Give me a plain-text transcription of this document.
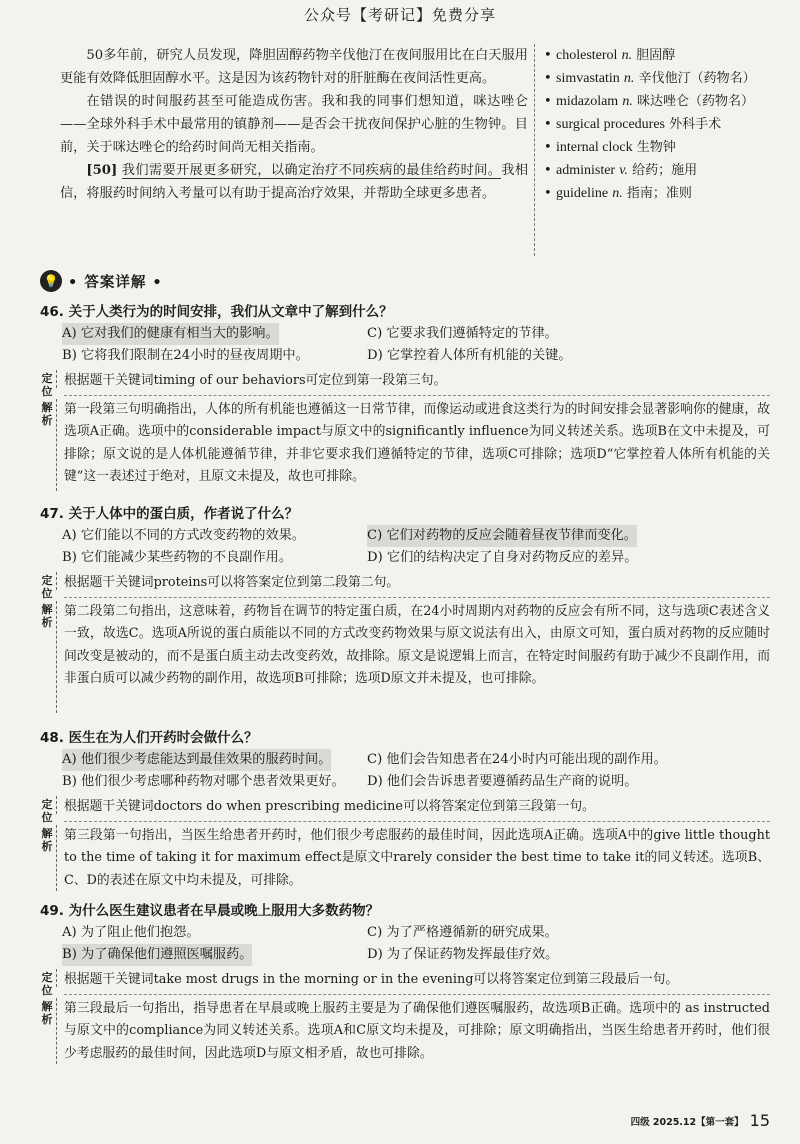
公众号【考研记】免费分享

50多年前，研究人员发现，降胆固醇药物辛伐他汀在夜间服用比在白天服用更能有效降低胆固醇水平。这是因为该药物针对的肝脏酶在夜间活性更高。

在错误的时间服药甚至可能造成伤害。我和我的同事们想知道，咪达唑仑——全球外科手术中最常用的镇静剂——是否会干扰夜间保护心脏的生物钟。目前，关于咪达唑仑的给药时间尚无相关指南。

[50] 我们需要开展更多研究，以确定治疗不同疾病的最佳给药时间。我相信，将服药时间纳入考量可以有助于提高治疗效果，并帮助全球更多患者。

• cholesterol n. 胆固醇
• simvastatin n. 辛伐他汀（药物名）
• midazolam n. 咪达唑仑（药物名）
• surgical procedures 外科手术
• internal clock 生物钟
• administer v. 给药；施用
• guideline n. 指南；准则
💡 • 答案详解 •
46. 关于人类行为的时间安排，我们从文章中了解到什么？
A) 它对我们的健康有相当大的影响。	C) 它要求我们遵循特定的节律。
B) 它将我们限制在24小时的昼夜周期中。	D) 它掌控着人体所有机能的关键。
定位
根据题干关键词timing of our behaviors可定位到第一段第三句。
解析
第一段第三句明确指出，人体的所有机能也遵循这一日常节律，而像运动或进食这类行为的时间安排会显著影响你的健康，故选项A正确。选项中的considerable impact与原文中的significantly influence为同义转述关系。选项B在文中未提及，可排除；原文说的是人体机能遵循节律，并非它要求我们遵循特定的节律，选项C可排除；选项D“它掌控着人体所有机能的关键”这一表述过于绝对，且原文未提及，故也可排除。
47. 关于人体中的蛋白质，作者说了什么？
A) 它们能以不同的方式改变药物的效果。	C) 它们对药物的反应会随着昼夜节律而变化。
B) 它们能减少某些药物的不良副作用。	D) 它们的结构决定了自身对药物反应的差异。
定位
根据题干关键词proteins可以将答案定位到第二段第二句。
解析
第二段第二句指出，这意味着，药物旨在调节的特定蛋白质，在24小时周期内对药物的反应会有所不同，这与选项C表述含义一致，故选C。选项A所说的蛋白质能以不同的方式改变药物效果与原文说法有出入，由原文可知，蛋白质对药物的反应随时间改变是被动的，而不是蛋白质主动去改变药效，故排除。原文是说逻辑上而言，在特定时间服药有助于减少不良副作用，而非蛋白质可以减少药物的副作用，故选项B可排除；选项D原文并未提及，也可排除。
48. 医生在为人们开药时会做什么？
A) 他们很少考虑能达到最佳效果的服药时间。	C) 他们会告知患者在24小时内可能出现的副作用。
B) 他们很少考虑哪种药物对哪个患者效果更好。	D) 他们会告诉患者要遵循药品生产商的说明。
定位
根据题干关键词doctors do when prescribing medicine可以将答案定位到第三段第一句。
解析
第三段第一句指出，当医生给患者开药时，他们很少考虑服药的最佳时间，因此选项A正确。选项A中的give little thought to the time of taking it for maximum effect是原文中rarely consider the best time to take it的同义转述。选项B、C、D的表述在原文中均未提及，可排除。
49. 为什么医生建议患者在早晨或晚上服用大多数药物？
A) 为了阻止他们抱怨。	C) 为了严格遵循新的研究成果。
B) 为了确保他们遵照医嘱服药。	D) 为了保证药物发挥最佳疗效。
定位
根据题干关键词take most drugs in the morning or in the evening可以将答案定位到第三段最后一句。
解析
第三段最后一句指出，指导患者在早晨或晚上服药主要是为了确保他们遵医嘱服药，故选项B正确。选项中的 as instructed与原文中的compliance为同义转述关系。选项A和C原文均未提及，可排除；原文明确指出，当医生给患者开药时，他们很少考虑服药的最佳时间，因此选项D与原文相矛盾，故也可排除。
四级 2025.12【第一套】 15
